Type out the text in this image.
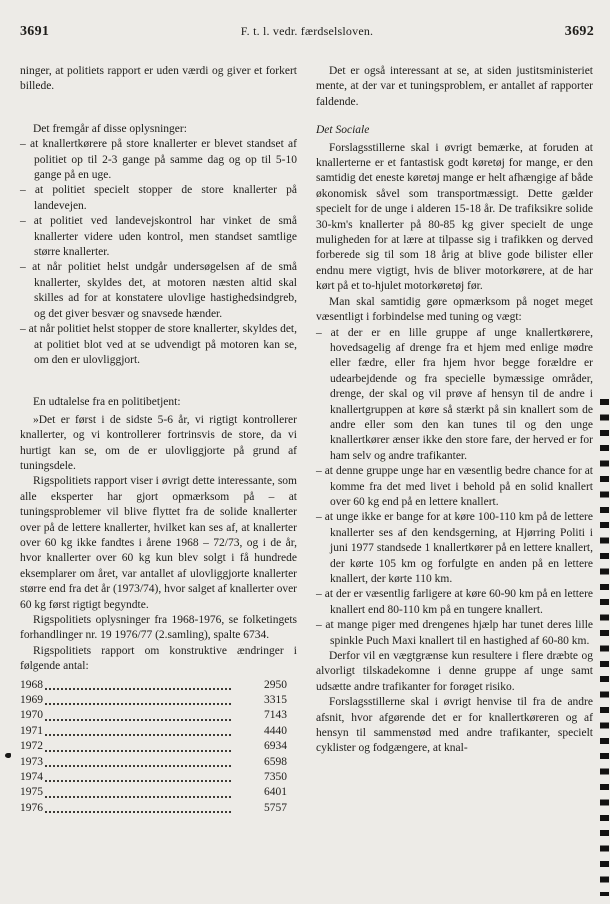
3691	F. t. l. vedr. færdselsloven.	3692

ninger, at politiets rapport er uden værdi og giver et forkert billede.

Det fremgår af disse oplysninger:

– at knallertkørere på store knallerter er blevet standset af politiet op til 2-3 gange på samme dag og op til 5-10 gange på en uge.

– at politiet specielt stopper de store knallerter på landevejen.

– at politiet ved landevejskontrol har vinket de små knallerter videre uden kontrol, men standset samtlige større knallerter.

– at når politiet helst undgår undersøgelsen af de små knallerter, skyldes det, at motoren næsten altid skal skilles ad for at konstatere ulovlige hastighedsindgreb, og det giver besvær og snavsede hænder.

– at når politiet helst stopper de store knallerter, skyldes det, at politiet blot ved at se udvendigt på motoren kan se, om den er ulovliggjort.

En udtalelse fra en politibetjent:

»Det er først i de sidste 5-6 år, vi rigtigt kontrollerer knallerter, og vi kontrollerer fortrinsvis de store, da vi hurtigt kan se, om de er ulovliggjorte på grund af tuningsdele.

Rigspolitiets rapport viser i øvrigt dette interessante, som alle eksperter har gjort opmærksom på – at tuningsproblemer vil blive flyttet fra de solide knallerter over på de lettere knallerter, hvilket kan ses af, at knallerter over 60 kg ikke fandtes i årene 1968 – 72/73, og i de år, hvor knallerter over 60 kg kun blev solgt i få hundrede eksemplarer om året, var antallet af ulovliggjorte knallerter større end fra det år (1973/74), hvor salget af knallerter over 60 kg først rigtigt begyndte.

Rigspolitiets oplysninger fra 1968-1976, se folketingets forhandlinger nr. 19 1976/77 (2.samling), spalte 6734.

Rigspolitiets rapport om konstruktive ændringer i følgende antal:

1968	2950
1969	3315
1970	7143
1971	4440
1972	6934
1973	6598
1974	7350
1975	6401
1976	5757

Det er også interessant at se, at siden justitsministeriet mente, at der var et tuningsproblem, er antallet af rapporter faldende.

Det Sociale

Forslagsstillerne skal i øvrigt bemærke, at foruden at knallerterne er et fantastisk godt køretøj for mange, er den samtidig det eneste køretøj mange er helt afhængige af både økonomisk såvel som transportmæssigt. Dette gælder specielt for de unge i alderen 15-18 år. De trafiksikre solide 30-km's knallerter på 80-85 kg giver specielt de unge muligheden for at lære at tilpasse sig i trafikken og derved forberede sig til som 18 årig at blive gode bilister eller endnu mere vigtigt, hvis de bliver motorkørere, at de har kørt på et to-hjulet motorkøretøj før.

Man skal samtidig gøre opmærksom på noget meget væsentligt i forbindelse med tuning og vægt:

– at der er en lille gruppe af unge knallertkørere, hovedsagelig af drenge fra et hjem med enlige mødre eller fædre, eller fra hjem hvor begge forældre er udearbejdende og fra specielle bymæssige områder, drenge, der skal og vil prøve af hensyn til de andre i knallertgruppen at køre så stærkt på sin knallert som de andre eller som den kan tunes til og den unge knallertkører ænser ikke den store fare, der herved er for ham selv og andre trafikanter.

– at denne gruppe unge har en væsentlig bedre chance for at komme fra det med livet i behold på en solid knallert over 60 kg end på en lettere knallert.

– at unge ikke er bange for at køre 100-110 km på de lettere knallerter ses af den kendsgerning, at Hjørring Politi i juni 1977 standsede 1 knallertkører på en lettere knallert, der kørte 105 km og forfulgte en anden på en lettere knallert, der kørte 110 km.

– at der er væsentlig farligere at køre 60-90 km på en lettere knallert end 80-110 km på en tungere knallert.

– at mange piger med drengenes hjælp har tunet deres lille spinkle Puch Maxi knallert til en hastighed af 60-80 km.

Derfor vil en vægtgrænse kun resultere i flere dræbte og alvorligt tilskadekomne i denne gruppe af unge samt udsætte andre trafikanter for forøget risiko.

Forslagsstillerne skal i øvrigt henvise til fra de andre afsnit, hvor afgørende det er for knallertkøreren og af hensyn til sammenstød med andre trafikanter, specielt cyklister og fodgængere, at knal-
